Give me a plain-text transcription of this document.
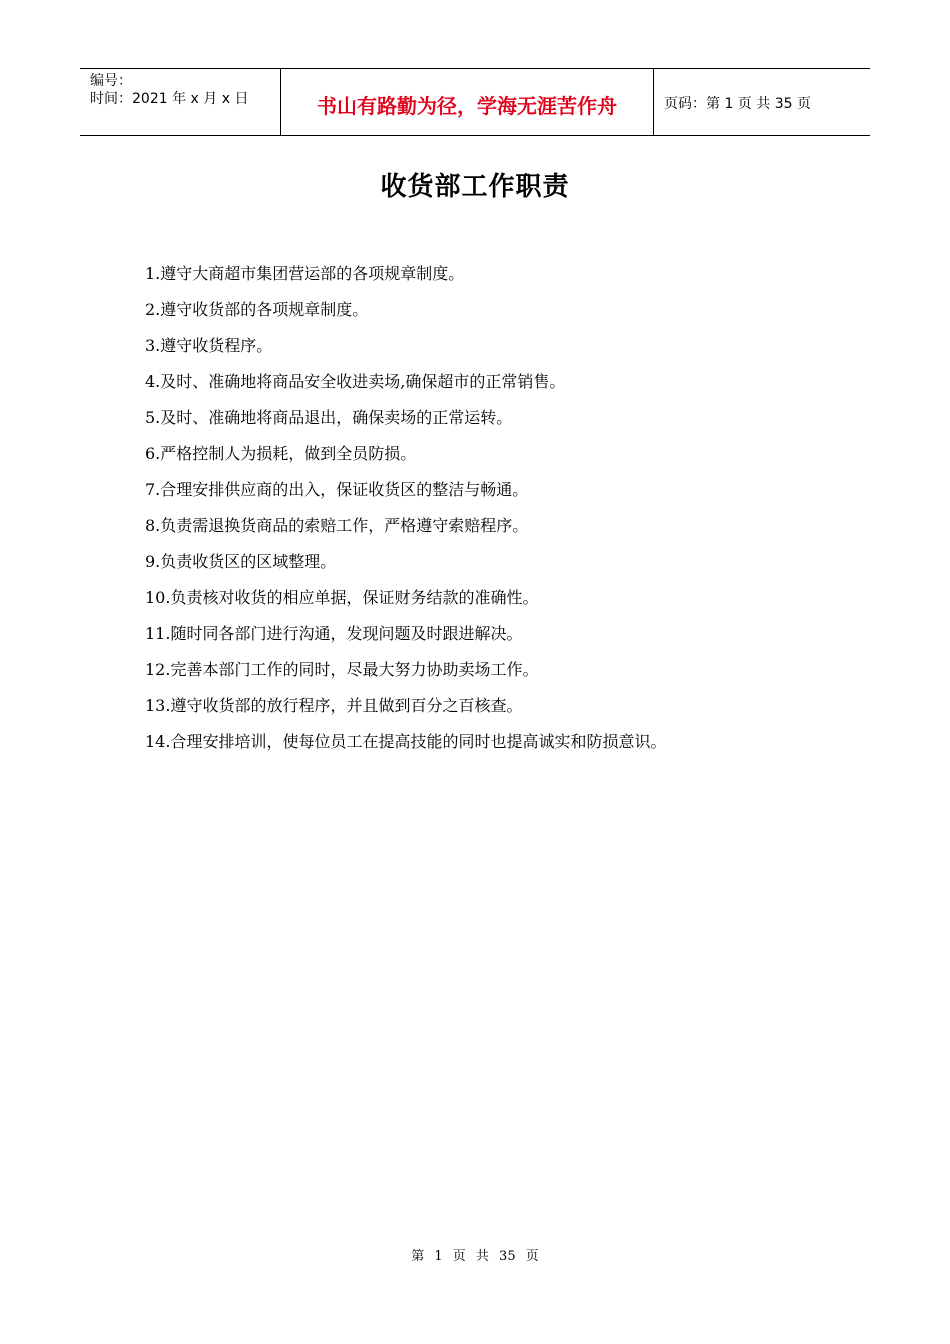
编号：
时间：2021 年 x 月 x 日	书山有路勤为径，学海无涯苦作舟	页码：第 1 页 共 35 页
收货部工作职责
1.遵守大商超市集团营运部的各项规章制度。
2.遵守收货部的各项规章制度。
3.遵守收货程序。
4.及时、准确地将商品安全收进卖场,确保超市的正常销售。
5.及时、准确地将商品退出，确保卖场的正常运转。
6.严格控制人为损耗，做到全员防损。
7.合理安排供应商的出入，保证收货区的整洁与畅通。
8.负责需退换货商品的索赔工作，严格遵守索赔程序。
9.负责收货区的区域整理。
10.负责核对收货的相应单据，保证财务结款的准确性。
11.随时同各部门进行沟通，发现问题及时跟进解决。
12.完善本部门工作的同时，尽最大努力协助卖场工作。
13.遵守收货部的放行程序，并且做到百分之百核查。
14.合理安排培训，使每位员工在提高技能的同时也提高诚实和防损意识。
第 1 页 共 35 页
